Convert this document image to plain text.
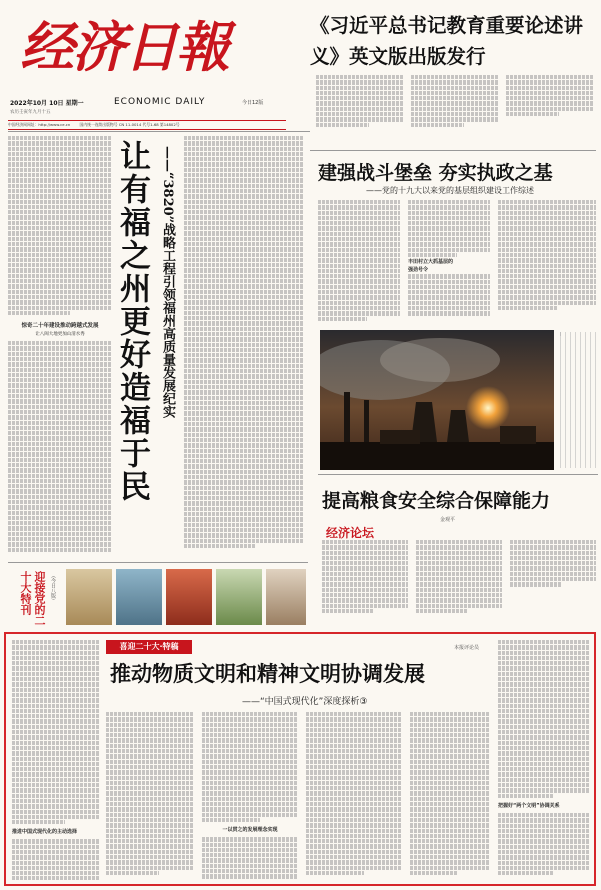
经济日報
2022年10月 10日 星期一	ECONOMIC DAILY	今日12版
农历壬寅年九月十五
中国经济网网址：http://www.ce.cn 国内统一连续出版物号 CN 11-0014 代号1-68 第14802号
《习近平总书记教育重要论述讲义》英文版出版发行
建强战斗堡垒 夯实执政之基
——党的十九大以来党的基层组织建设工作综述
丰田村立大抓基层的
强劲号令
提高粮食安全综合保障能力
金观平
经济论坛
惊奇二十年建设推动跨越式发展
让八闽大地更加山清水秀 让有福之州更好造福于民 ——“3820”战略工程引领福州高质量发展纪实
迎接党的二十大特刊	（今日八版）
推进中国式现代化的主动选择
喜迎二十大·特稿	本报评论员
推动物质文明和精神文明协调发展
——“中国式现代化”深度探析③
一以贯之的发展理念实现
把握好“两个文明”协调关系
